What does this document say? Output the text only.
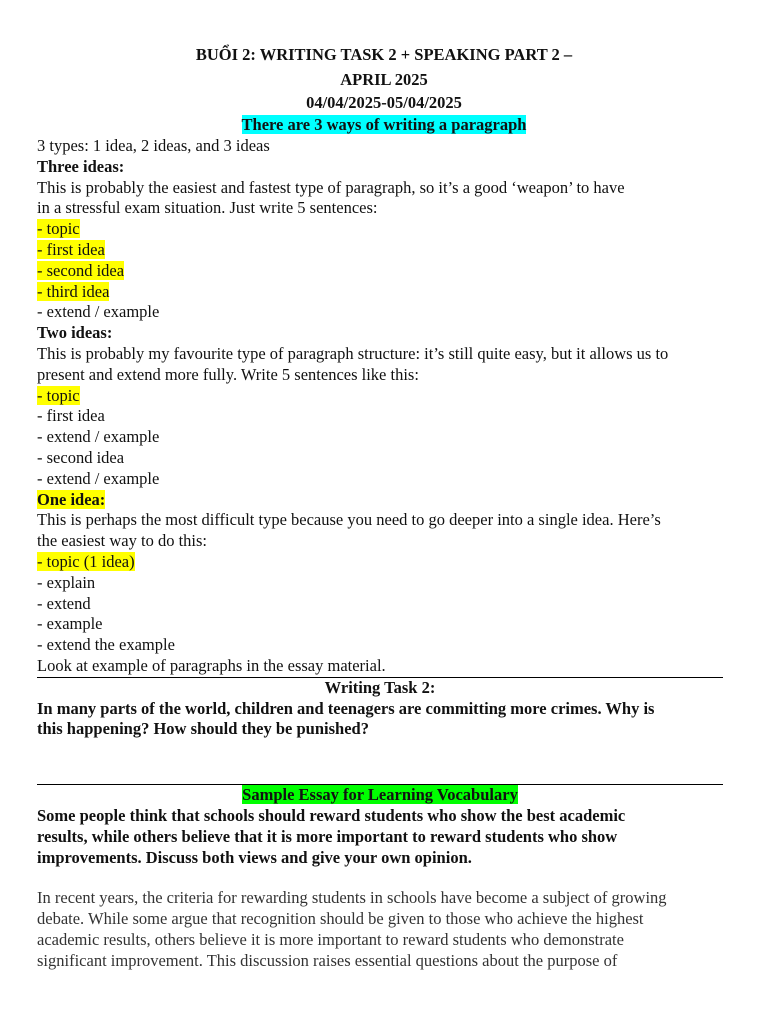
BUỔI 2: WRITING TASK 2 + SPEAKING PART 2 –
APRIL 2025
04/04/2025-05/04/2025
There are 3 ways of writing a paragraph
3 types: 1 idea, 2 ideas, and 3 ideas
Three ideas:
This is probably the easiest and fastest type of paragraph, so it’s a good ‘weapon’ to have
in a stressful exam situation. Just write 5 sentences:
- topic
- first idea
- second idea
- third idea
- extend / example
Two ideas:
This is probably my favourite type of paragraph structure: it’s still quite easy, but it allows us to
present and extend more fully. Write 5 sentences like this:
- topic
- first idea
- extend / example
- second idea
- extend / example
One idea:
This is perhaps the most difficult type because you need to go deeper into a single idea. Here’s
the easiest way to do this:
- topic (1 idea)
- explain
- extend
- example
- extend the example
Look at example of paragraphs in the essay material.
Writing Task 2:
In many parts of the world, children and teenagers are committing more crimes. Why is
this happening? How should they be punished?
Sample Essay for Learning Vocabulary
Some people think that schools should reward students who show the best academic
results, while others believe that it is more important to reward students who show
improvements. Discuss both views and give your own opinion.
In recent years, the criteria for rewarding students in schools have become a subject of growing
debate. While some argue that recognition should be given to those who achieve the highest
academic results, others believe it is more important to reward students who demonstrate
significant improvement. This discussion raises essential questions about the purpose of
